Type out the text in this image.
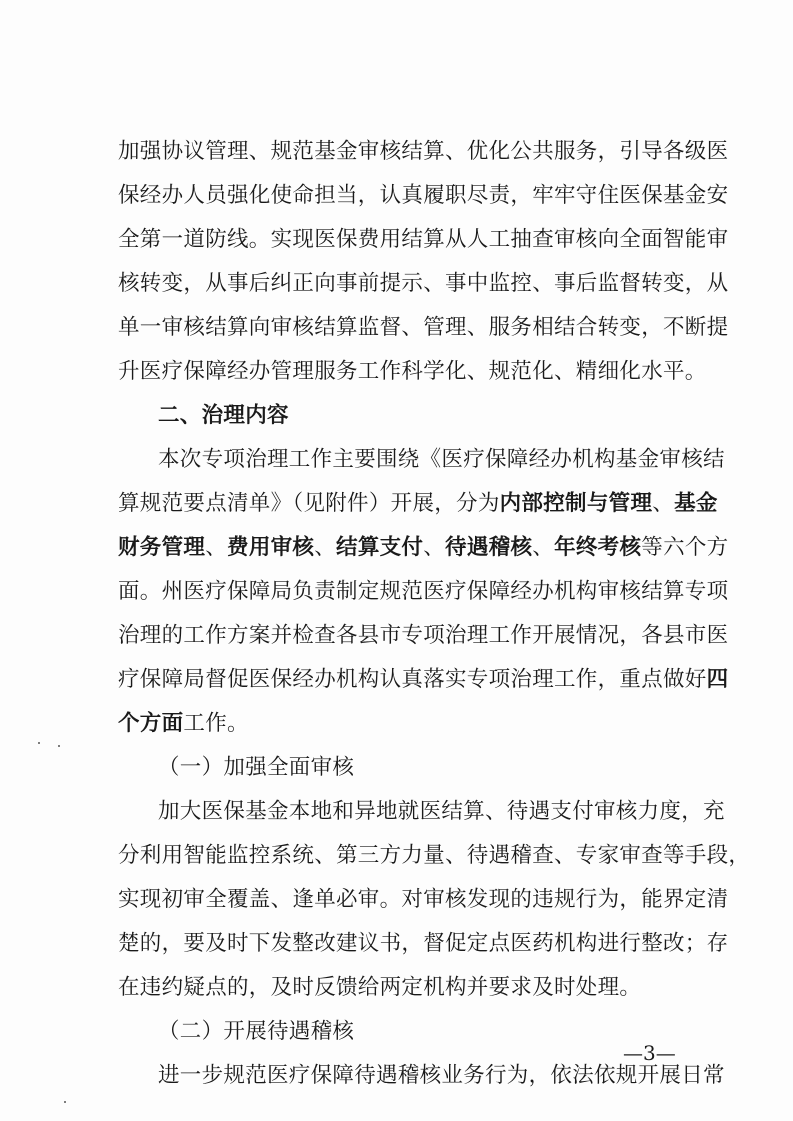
加强协议管理、规范基金审核结算、优化公共服务，引导各级医
保经办人员强化使命担当，认真履职尽责，牢牢守住医保基金安
全第一道防线。实现医保费用结算从人工抽查审核向全面智能审
核转变，从事后纠正向事前提示、事中监控、事后监督转变，从
单一审核结算向审核结算监督、管理、服务相结合转变，不断提
升医疗保障经办管理服务工作科学化、规范化、精细化水平。
二、治理内容
本次专项治理工作主要围绕《医疗保障经办机构基金审核结
算规范要点清单》（见附件）开展，分为内部控制与管理、基金
财务管理、费用审核、结算支付、待遇稽核、年终考核等六个方
面。州医疗保障局负责制定规范医疗保障经办机构审核结算专项
治理的工作方案并检查各县市专项治理工作开展情况，各县市医
疗保障局督促医保经办机构认真落实专项治理工作，重点做好四
个方面工作。
（一）加强全面审核
加大医保基金本地和异地就医结算、待遇支付审核力度，充
分利用智能监控系统、第三方力量、待遇稽查、专家审查等手段，
实现初审全覆盖、逢单必审。对审核发现的违规行为，能界定清
楚的，要及时下发整改建议书，督促定点医药机构进行整改；存
在违约疑点的，及时反馈给两定机构并要求及时处理。
（二）开展待遇稽核
进一步规范医疗保障待遇稽核业务行为，依法依规开展日常
—3—
